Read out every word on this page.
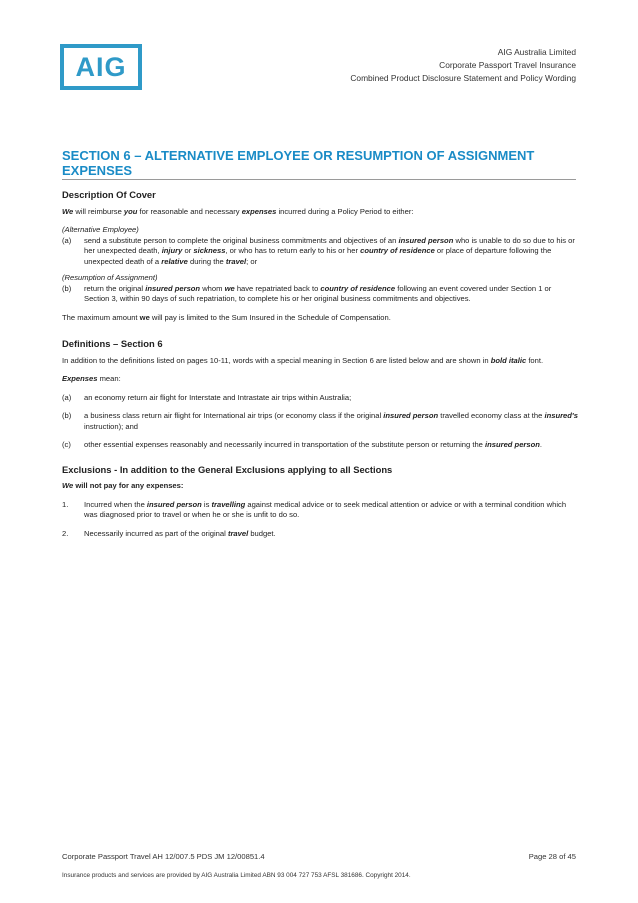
AIG	AIG Australia Limited
Corporate Passport Travel Insurance
Combined Product Disclosure Statement and Policy Wording
SECTION 6 – ALTERNATIVE EMPLOYEE OR RESUMPTION OF ASSIGNMENT EXPENSES
Description Of Cover

We will reimburse you for reasonable and necessary expenses incurred during a Policy Period to either:

(Alternative Employee)

(a)	send a substitute person to complete the original business commitments and objectives of an insured person who is unable to do so due to his or her unexpected death, injury or sickness, or who has to return early to his or her country of residence or place of departure following the unexpected death of a relative during the travel; or

(Resumption of Assignment)

(b)	return the original insured person whom we have repatriated back to country of residence following an event covered under Section 1 or Section 3, within 90 days of such repatriation, to complete his or her original business commitments and objectives.

The maximum amount we will pay is limited to the Sum Insured in the Schedule of Compensation.

Definitions – Section 6

In addition to the definitions listed on pages 10-11, words with a special meaning in Section 6 are listed below and are shown in bold italic font.

Expenses mean:

(a)	an economy return air flight for Interstate and Intrastate air trips within Australia;
(b)	a business class return air flight for International air trips (or economy class if the original insured person travelled economy class at the insured's instruction); and
(c)	other essential expenses reasonably and necessarily incurred in transportation of the substitute person or returning the insured person.
Exclusions - In addition to the General Exclusions applying to all Sections

We will not pay for any expenses:

1.	Incurred when the insured person is travelling against medical advice or to seek medical attention or advice or with a terminal condition which was diagnosed prior to travel or when he or she is unfit to do so.
2.	Necessarily incurred as part of the original travel budget.
Corporate Passport Travel AH 12/007.5 PDS JM 12/00851.4	Page 28 of 45
Insurance products and services are provided by AIG Australia Limited ABN 93 004 727 753 AFSL 381686. Copyright 2014.
